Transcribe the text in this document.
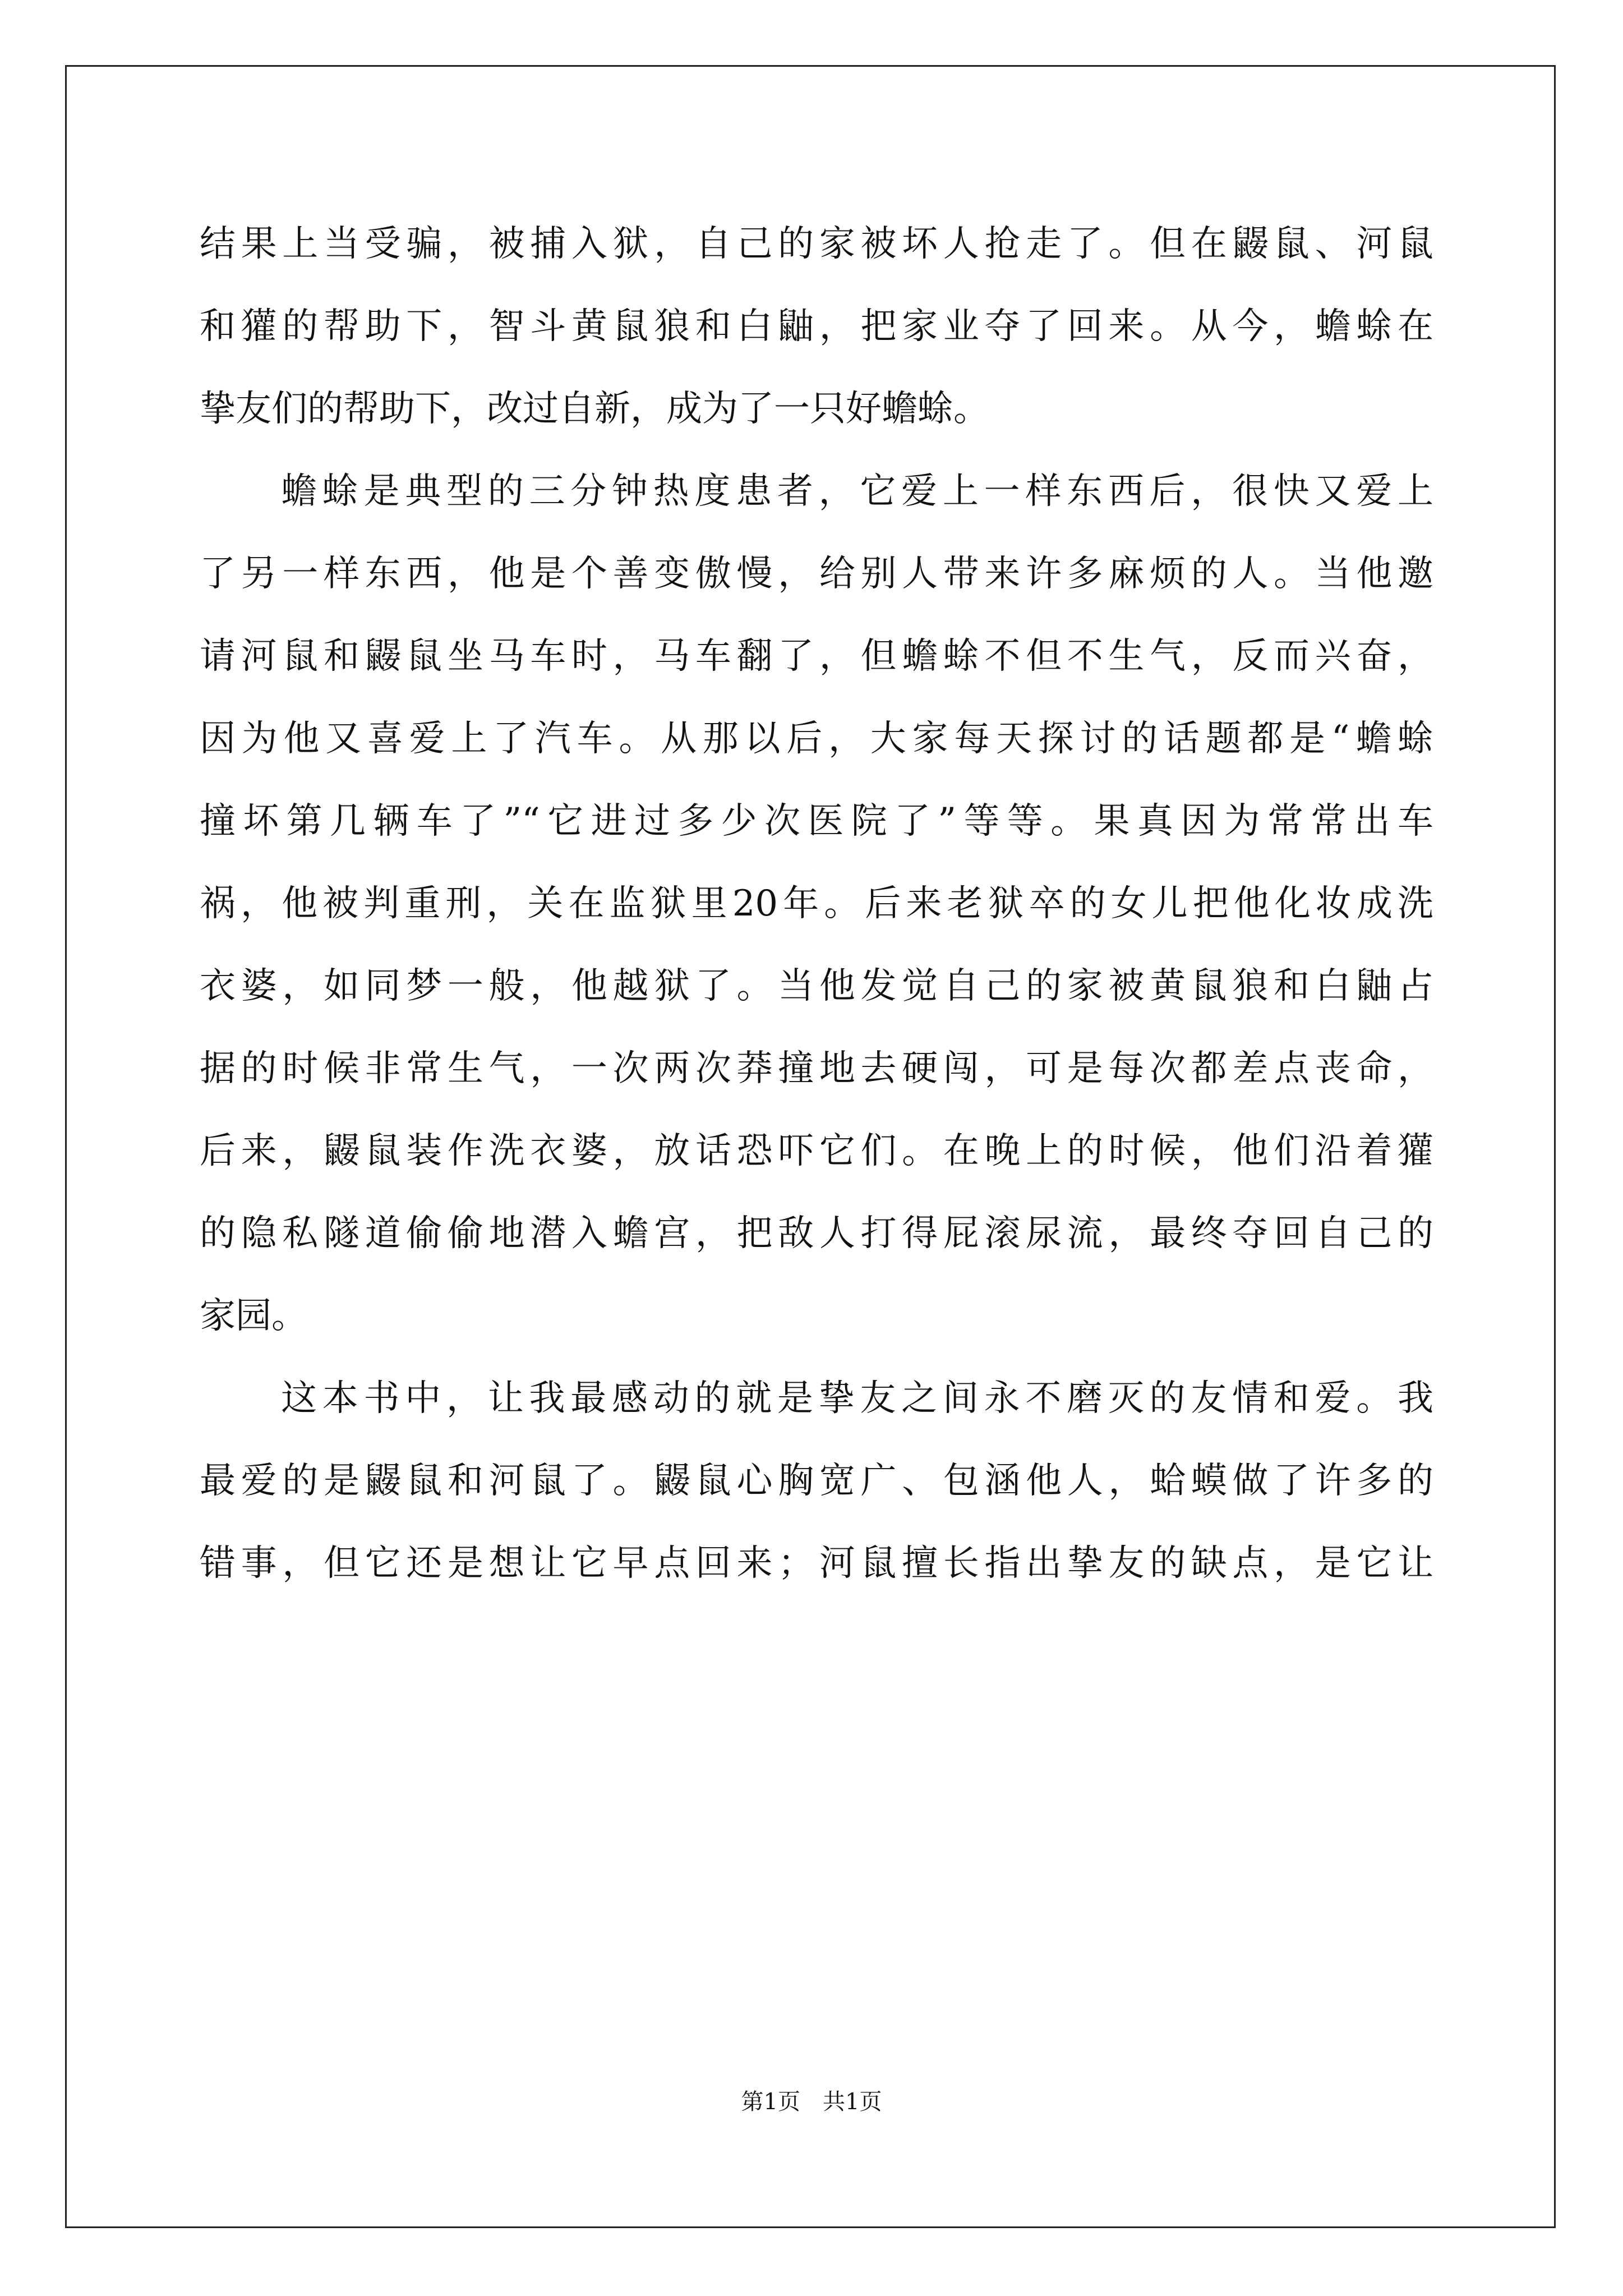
结果上当受骗，被捕入狱，自己的家被坏人抢走了。但在鼹鼠、河鼠
和獾的帮助下，智斗黄鼠狼和白鼬，把家业夺了回来。从今，蟾蜍在
挚友们的帮助下，改过自新，成为了一只好蟾蜍。
蟾蜍是典型的三分钟热度患者，它爱上一样东西后，很快又爱上
了另一样东西，他是个善变傲慢，给别人带来许多麻烦的人。当他邀
请河鼠和鼹鼠坐马车时，马车翻了，但蟾蜍不但不生气，反而兴奋，
因为他又喜爱上了汽车。从那以后，大家每天探讨的话题都是“蟾蜍
撞坏第几辆车了”“它进过多少次医院了”等等。果真因为常常出车
祸，他被判重刑，关在监狱里20年。后来老狱卒的女儿把他化妆成洗
衣婆，如同梦一般，他越狱了。当他发觉自己的家被黄鼠狼和白鼬占
据的时候非常生气，一次两次莽撞地去硬闯，可是每次都差点丧命，
后来，鼹鼠装作洗衣婆，放话恐吓它们。在晚上的时候，他们沿着獾
的隐私隧道偷偷地潜入蟾宫，把敌人打得屁滚尿流，最终夺回自己的
家园。
这本书中，让我最感动的就是挚友之间永不磨灭的友情和爱。我
最爱的是鼹鼠和河鼠了。鼹鼠心胸宽广、包涵他人，蛤蟆做了许多的
错事，但它还是想让它早点回来；河鼠擅长指出挚友的缺点，是它让
第1页　共1页
